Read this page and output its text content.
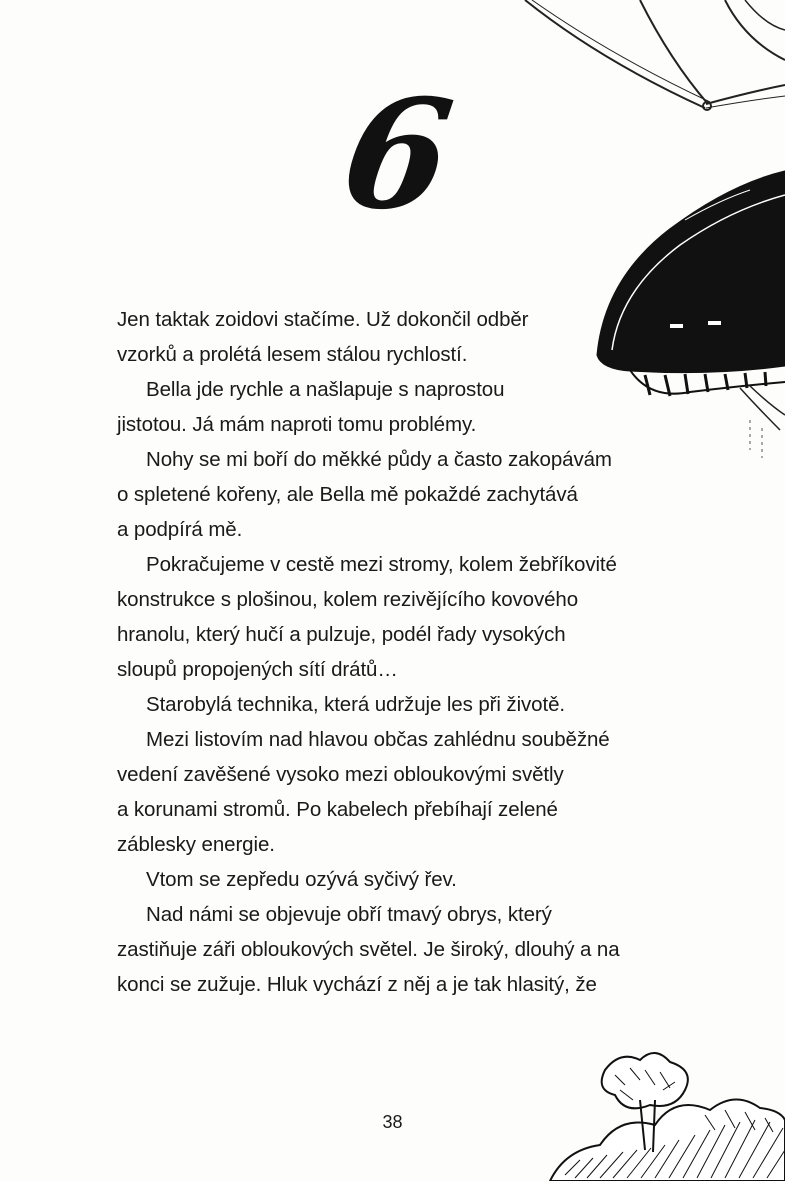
6
Jen taktak zoidovi stačíme. Už dokončil odběr
vzorků a prolétá lesem stálou rychlostí.
Bella jde rychle a našlapuje s naprostou
jistotou. Já mám naproti tomu problémy.
Nohy se mi boří do měkké půdy a často zakopávám
o spletené kořeny, ale Bella mě pokaždé zachytává
a podpírá mě.
Pokračujeme v cestě mezi stromy, kolem žebříkovité
konstrukce s plošinou, kolem rezivějícího kovového
hranolu, který hučí a pulzuje, podél řady vysokých
sloupů propojených sítí drátů…
Starobylá technika, která udržuje les při životě.
Mezi listovím nad hlavou občas zahlédnu souběžné
vedení zavěšené vysoko mezi obloukovými světly
a korunami stromů. Po kabelech přebíhají zelené
záblesky energie.
Vtom se zepředu ozývá syčivý řev.
Nad námi se objevuje obří tmavý obrys, který
zastiňuje záři obloukových světel. Je široký, dlouhý a na
konci se zužuje. Hluk vychází z něj a je tak hlasitý, že
38
